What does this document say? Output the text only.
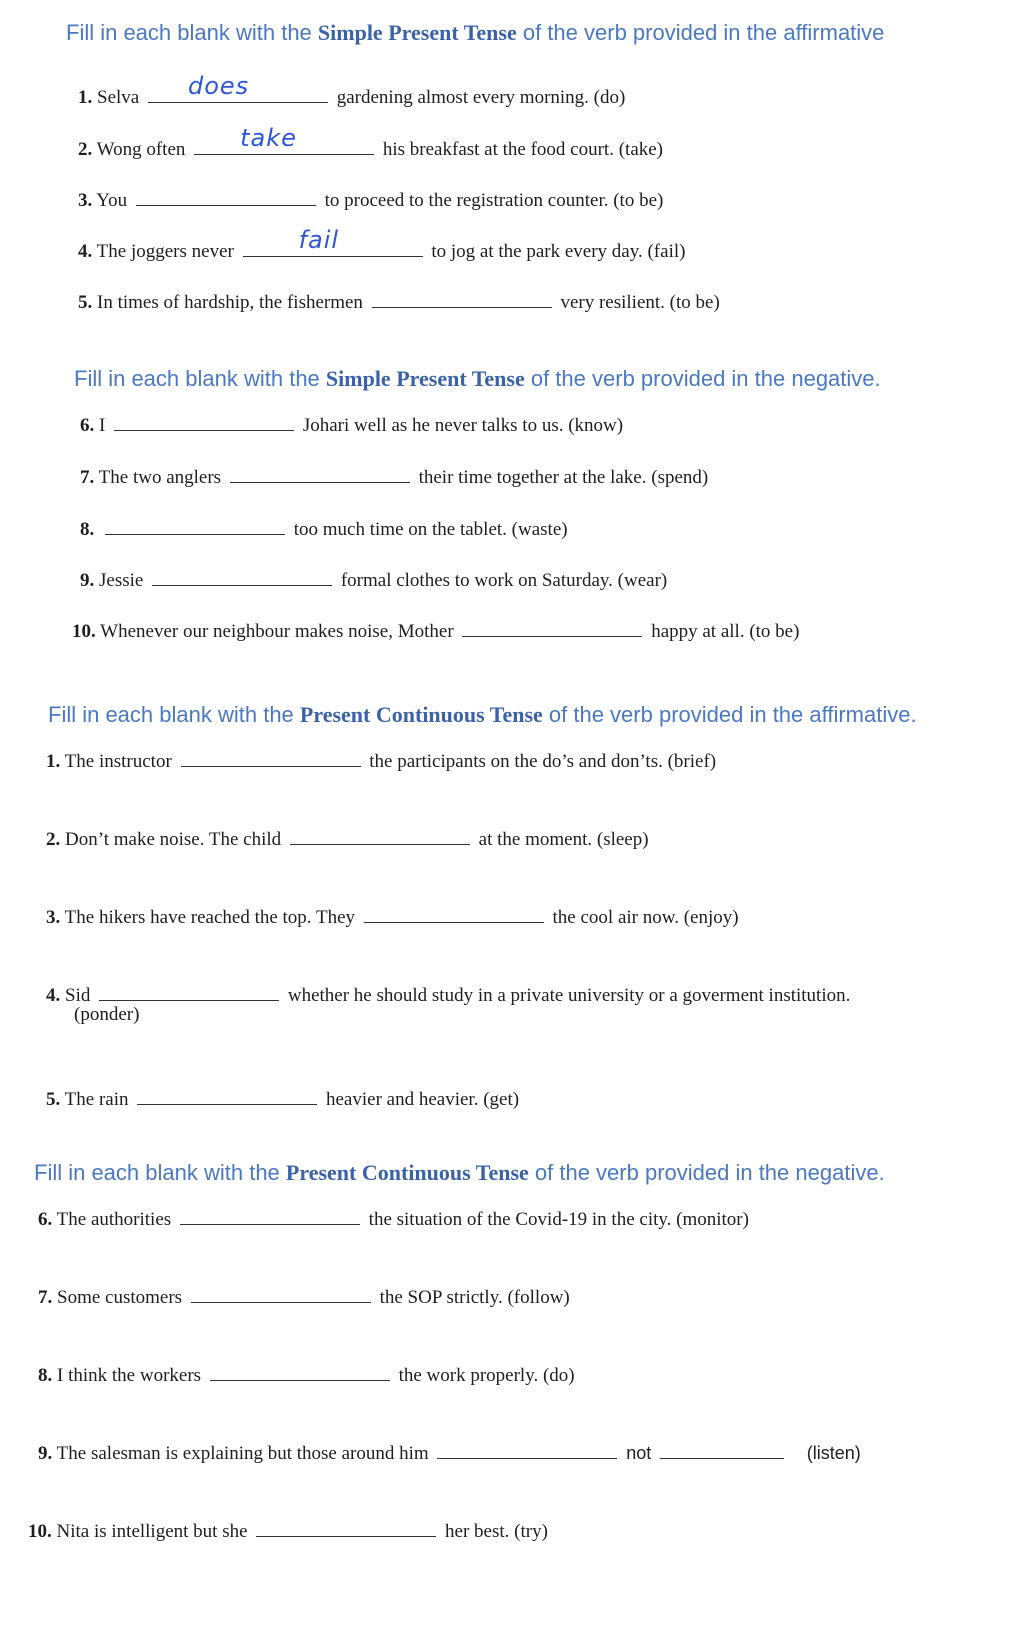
Fill in each blank with the Simple Present Tense of the verb provided in the affirmative
1. Selva does	gardening almost every morning. (do)
2. Wong often take	his breakfast at the food court. (take)
3. You	to proceed to the registration counter. (to be)
4. The joggers never	fail	to jog at the park every day. (fail)
5. In times of hardship, the fishermen	very resilient. (to be)
Fill in each blank with the Simple Present Tense of the verb provided in the negative.
6. I	Johari well as he never talks to us. (know)
7. The two anglers	their time together at the lake. (spend)
8.	too much time on the tablet. (waste)
9. Jessie	formal clothes to work on Saturday. (wear)
10. Whenever our neighbour makes noise, Mother	happy at all. (to be)
Fill in each blank with the Present Continuous Tense of the verb provided in the affirmative.
1. The instructor	the participants on the do’s and don’ts. (brief)
2. Don’t make noise. The child	at the moment. (sleep)
3. The hikers have reached the top. They	the cool air now. (enjoy)
4. Sid	whether he should study in a private university or a goverment institution.
(ponder)
5. The rain	heavier and heavier. (get)
Fill in each blank with the Present Continuous Tense of the verb provided in the negative.
6. The authorities	the situation of the Covid-19 in the city. (monitor)
7. Some customers	the SOP strictly. (follow)
8. I think the workers	the work properly. (do)
9. The salesman is explaining but those around him	not	(listen)
10. Nita is intelligent but she	her best. (try)
